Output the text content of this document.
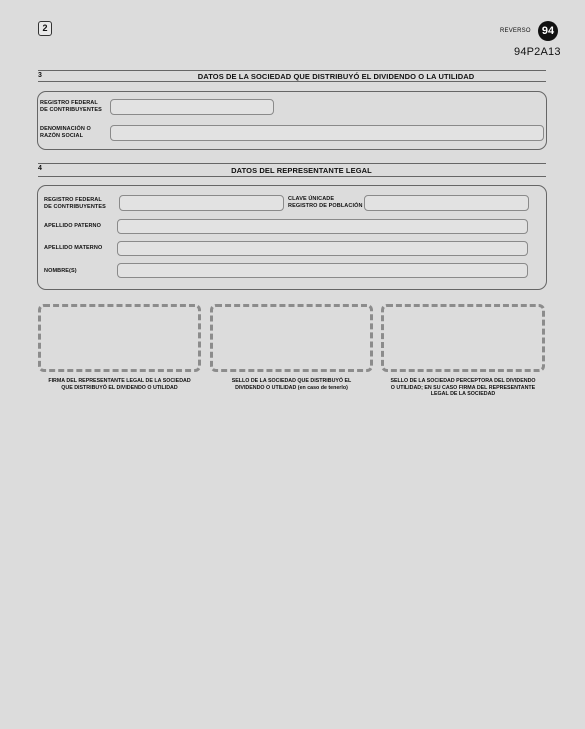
2	REVERSO	94
94P2A13
3	DATOS DE LA SOCIEDAD QUE DISTRIBUYÓ EL DIVIDENDO O LA UTILIDAD
REGISTRO FEDERAL
DE CONTRIBUYENTES
DENOMINACIÓN O
RAZÓN SOCIAL
4	DATOS DEL REPRESENTANTE LEGAL
REGISTRO FEDERAL
DE CONTRIBUYENTES
CLAVE ÚNICADE
REGISTRO DE POBLACIÓN
APELLIDO PATERNO
APELLIDO MATERNO
NOMBRE(S)
FIRMA DEL REPRESENTANTE LEGAL DE LA SOCIEDAD
QUE DISTRIBUYÓ EL DIVIDENDO O UTILIDAD
SELLO DE LA SOCIEDAD QUE DISTRIBUYÓ EL
DIVIDENDO O UTILIDAD (en caso de tenerlo)
SELLO DE LA SOCIEDAD PERCEPTORA DEL DIVIDENDO
O UTILIDAD; EN SU CASO FIRMA DEL REPRESENTANTE
LEGAL DE LA SOCIEDAD
